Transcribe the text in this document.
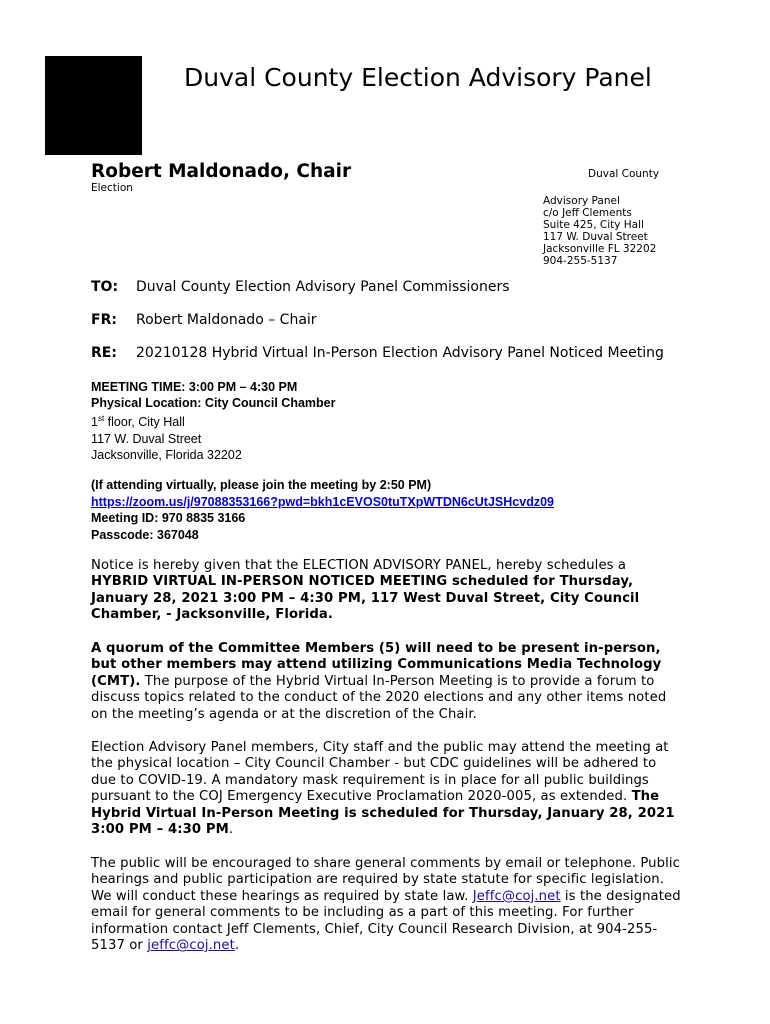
Duval County Election Advisory Panel
Robert Maldonado, Chair	Duval County
Election
Advisory Panel
c/o Jeff Clements
Suite 425, City Hall
117 W. Duval Street
Jacksonville FL 32202
904-255-5137
TO: Duval County Election Advisory Panel Commissioners
FR: Robert Maldonado – Chair
RE: 20210128 Hybrid Virtual In-Person Election Advisory Panel Noticed Meeting
MEETING TIME: 3:00 PM – 4:30 PM
Physical Location: City Council Chamber
1st floor, City Hall
117 W. Duval Street
Jacksonville, Florida 32202
(If attending virtually, please join the meeting by 2:50 PM)
https://zoom.us/j/97088353166?pwd=bkh1cEVOS0tuTXpWTDN6cUtJSHcvdz09
Meeting ID: 970 8835 3166
Passcode: 367048

Notice is hereby given that the ELECTION ADVISORY PANEL, hereby schedules a HYBRID VIRTUAL IN-PERSON NOTICED MEETING scheduled for Thursday, January 28, 2021 3:00 PM – 4:30 PM, 117 West Duval Street, City Council Chamber, - Jacksonville, Florida.

A quorum of the Committee Members (5) will need to be present in-person, but other members may attend utilizing Communications Media Technology (CMT). The purpose of the Hybrid Virtual In-Person Meeting is to provide a forum to discuss topics related to the conduct of the 2020 elections and any other items noted on the meeting’s agenda or at the discretion of the Chair.

Election Advisory Panel members, City staff and the public may attend the meeting at the physical location – City Council Chamber - but CDC guidelines will be adhered to due to COVID-19. A mandatory mask requirement is in place for all public buildings pursuant to the COJ Emergency Executive Proclamation 2020-005, as extended. The Hybrid Virtual In-Person Meeting is scheduled for Thursday, January 28, 2021 3:00 PM – 4:30 PM.

The public will be encouraged to share general comments by email or telephone. Public hearings and public participation are required by state statute for specific legislation. We will conduct these hearings as required by state law. Jeffc@coj.net is the designated email for general comments to be including as a part of this meeting. For further information contact Jeff Clements, Chief, City Council Research Division, at 904-255-5137 or jeffc@coj.net.
